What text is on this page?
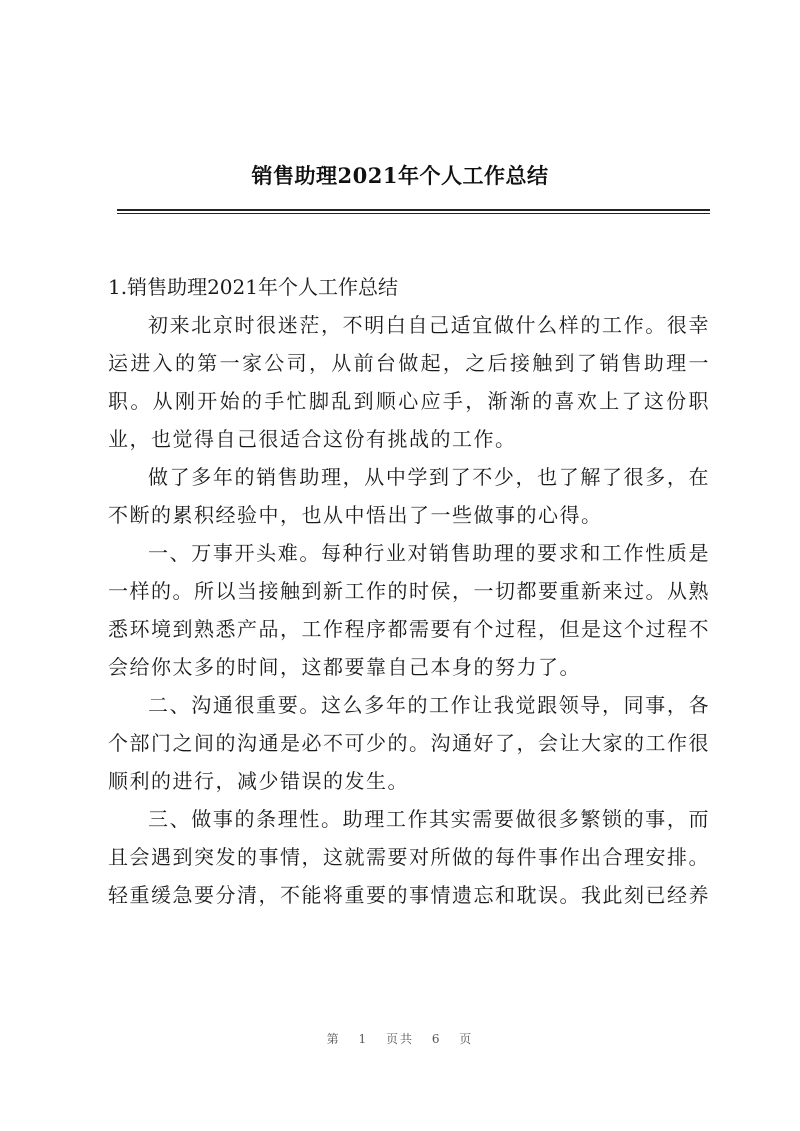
销售助理2021年个人工作总结

1.销售助理2021年个人工作总结

初来北京时很迷茫，不明白自己适宜做什么样的工作。很幸运进入的第一家公司，从前台做起，之后接触到了销售助理一职。从刚开始的手忙脚乱到顺心应手，渐渐的喜欢上了这份职业，也觉得自己很适合这份有挑战的工作。

做了多年的销售助理，从中学到了不少，也了解了很多，在不断的累积经验中，也从中悟出了一些做事的心得。

一、万事开头难。每种行业对销售助理的要求和工作性质是一样的。所以当接触到新工作的时侯，一切都要重新来过。从熟悉环境到熟悉产品，工作程序都需要有个过程，但是这个过程不会给你太多的时间，这都要靠自己本身的努力了。

二、沟通很重要。这么多年的工作让我觉跟领导，同事，各个部门之间的沟通是必不可少的。沟通好了，会让大家的工作很顺利的进行，减少错误的发生。

三、做事的条理性。助理工作其实需要做很多繁锁的事，而且会遇到突发的事情，这就需要对所做的每件事作出合理安排。轻重缓急要分清，不能将重要的事情遗忘和耽误。我此刻已经养

第 1 页共 6 页
